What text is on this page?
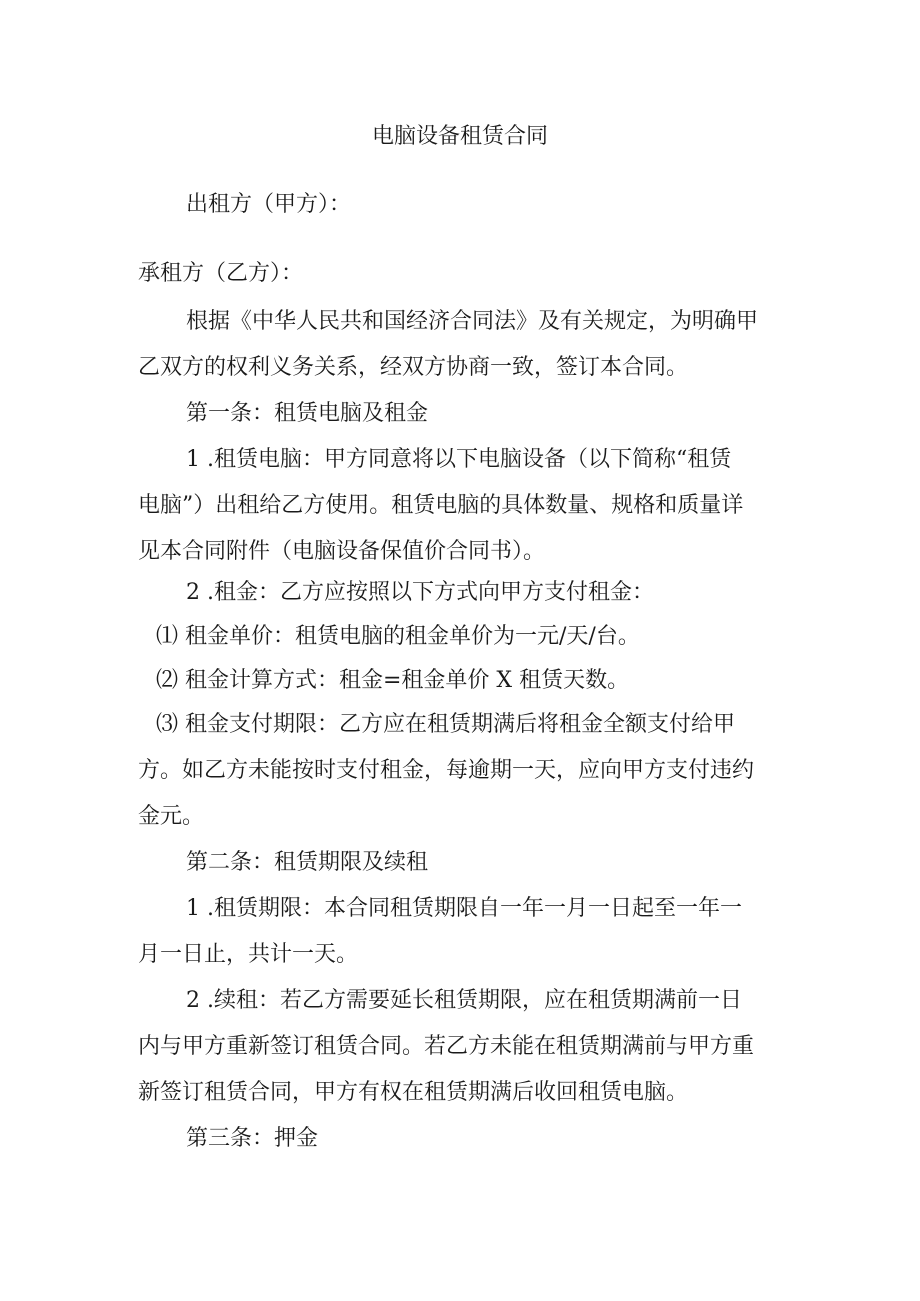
电脑设备租赁合同
出租方（甲方）：
承租方（乙方）：
根据《中华人民共和国经济合同法》及有关规定，为明确甲
乙双方的权利义务关系，经双方协商一致，签订本合同。
第一条：租赁电脑及租金
1 .租赁电脑：甲方同意将以下电脑设备（以下简称“租赁
电脑”）出租给乙方使用。租赁电脑的具体数量、规格和质量详
见本合同附件（电脑设备保值价合同书）。
2 .租金：乙方应按照以下方式向甲方支付租金：
⑴ 租金单价：租赁电脑的租金单价为一元/天/台。
⑵ 租金计算方式：租金=租金单价 X 租赁天数。
⑶ 租金支付期限：乙方应在租赁期满后将租金全额支付给甲
方。如乙方未能按时支付租金，每逾期一天，应向甲方支付违约
金元。
第二条：租赁期限及续租
1 .租赁期限：本合同租赁期限自一年一月一日起至一年一
月一日止，共计一天。
2 .续租：若乙方需要延长租赁期限，应在租赁期满前一日
内与甲方重新签订租赁合同。若乙方未能在租赁期满前与甲方重
新签订租赁合同，甲方有权在租赁期满后收回租赁电脑。
第三条：押金
